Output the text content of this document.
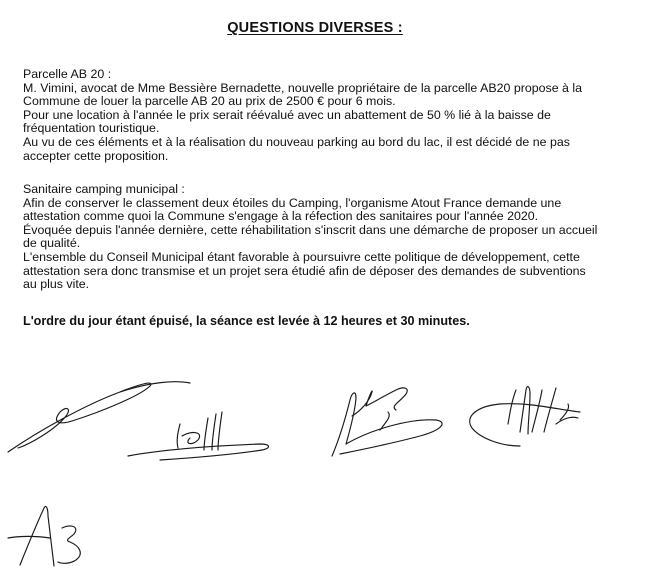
QUESTIONS DIVERSES :

Parcelle AB 20 :

M. Vimini, avocat de Mme Bessière Bernadette, nouvelle propriétaire de la parcelle AB20 propose à la

Commune de louer la parcelle AB 20 au prix de 2500 € pour 6 mois.

Pour une location à l'année le prix serait réévalué avec un abattement de 50 % lié à la baisse de

fréquentation touristique.

Au vu de ces éléments et à la réalisation du nouveau parking au bord du lac, il est décidé de ne pas

accepter cette proposition.

Sanitaire camping municipal :

Afin de conserver le classement deux étoiles du Camping, l'organisme Atout France demande une

attestation comme quoi la Commune s'engage à la réfection des sanitaires pour l'année 2020.

Évoquée depuis l'année dernière, cette réhabilitation s'inscrit dans une démarche de proposer un accueil

de qualité.

L'ensemble du Conseil Municipal étant favorable à poursuivre cette politique de développement, cette

attestation sera donc transmise et un projet sera étudié afin de déposer des demandes de subventions

au plus vite.

L'ordre du jour étant épuisé, la séance est levée à 12 heures et 30 minutes.
